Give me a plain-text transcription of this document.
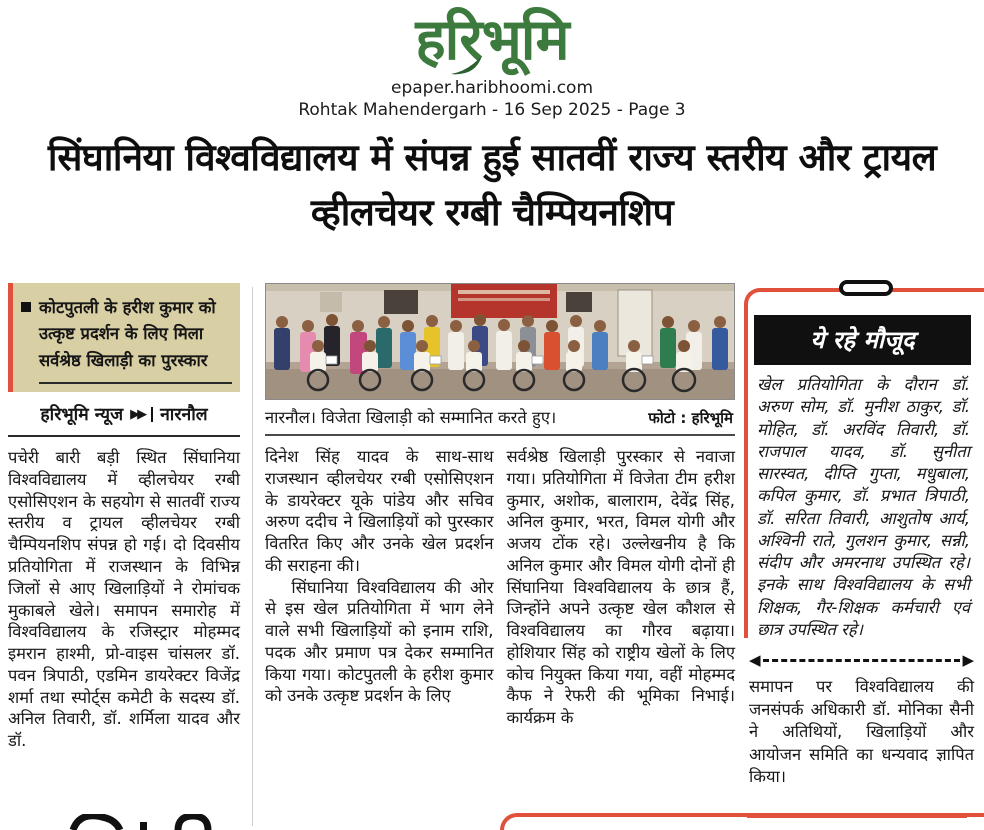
हरिभूमि
epaper.haribhoomi.com
Rohtak Mahendergarh - 16 Sep 2025 - Page 3
सिंघानिया विश्वविद्यालय में संपन्न हुई सातवीं राज्य स्तरीय और ट्रायल व्हीलचेयर रग्बी चैम्पियनशिप
कोटपुतली के हरीश कुमार को उत्कृष्ट प्रदर्शन के लिए मिला सर्वश्रेष्ठ खिलाड़ी का पुरस्कार
हरिभूमि न्यूज ▶▶ नारनौल
पचेरी बारी बड़ी स्थित सिंघानिया विश्वविद्यालय में व्हीलचेयर रग्बी एसोसिएशन के सहयोग से सातवीं राज्य स्तरीय व ट्रायल व्हीलचेयर रग्बी चैम्पियनशिप संपन्न हो गई। दो दिवसीय प्रतियोगिता में राजस्थान के विभिन्न जिलों से आए खिलाड़ियों ने रोमांचक मुकाबले खेले। समापन समारोह में विश्वविद्यालय के रजिस्ट्रार मोहम्मद इमरान हाश्मी, प्रो-वाइस चांसलर डॉ. पवन त्रिपाठी, एडमिन डायरेक्टर विजेंद्र शर्मा तथा स्पोर्ट्स कमेटी के सदस्य डॉ. अनिल तिवारी, डॉ. शर्मिला यादव और डॉ.
नारनौल। विजेता खिलाड़ी को सम्मानित करते हुए।	फोटो : हरिभूमि

दिनेश सिंह यादव के साथ-साथ राजस्थान व्हीलचेयर रग्बी एसोसिएशन के डायरेक्टर यूके पांडेय और सचिव अरुण ददीच ने खिलाड़ियों को पुरस्कार वितरित किए और उनके खेल प्रदर्शन की सराहना की।

सिंघानिया विश्वविद्यालय की ओर से इस खेल प्रतियोगिता में भाग लेने वाले सभी खिलाड़ियों को इनाम राशि, पदक और प्रमाण पत्र देकर सम्मानित किया गया। कोटपुतली के हरीश कुमार को उनके उत्कृष्ट प्रदर्शन के लिए

सर्वश्रेष्ठ खिलाड़ी पुरस्कार से नवाजा गया। प्रतियोगिता में विजेता टीम हरीश कुमार, अशोक, बालाराम, देवेंद्र सिंह, अनिल कुमार, भरत, विमल योगी और अजय टोंक रहे। उल्लेखनीय है कि अनिल कुमार और विमल योगी दोनों ही सिंघानिया विश्वविद्यालय के छात्र हैं, जिन्होंने अपने उत्कृष्ट खेल कौशल से विश्वविद्यालय का गौरव बढ़ाया। होशियार सिंह को राष्ट्रीय खेलों के लिए कोच नियुक्त किया गया, वहीं मोहम्मद कैफ ने रेफरी की भूमिका निभाई। कार्यक्रम के

ये रहे मौजूद
खेल प्रतियोगिता के दौरान डॉ. अरुण सोम, डॉ. मुनीश ठाकुर, डॉ. मोहित, डॉ. अरविंद तिवारी, डॉ. राजपाल यादव, डॉ. सुनीता सारस्वत, दीप्ति गुप्ता, मधुबाला, कपिल कुमार, डॉ. प्रभात त्रिपाठी, डॉ. सरिता तिवारी, आशुतोष आर्य, अश्विनी राते, गुलशन कुमार, सन्नी, संदीप और अमरनाथ उपस्थित रहे। इनके साथ विश्वविद्यालय के सभी शिक्षक, गैर-शिक्षक कर्मचारी एवं छात्र उपस्थित रहे।
◀	▶
समापन पर विश्वविद्यालय की जनसंपर्क अधिकारी डॉ. मोनिका सैनी ने अतिथियों, खिलाड़ियों और आयोजन समिति का धन्यवाद ज्ञापित किया।
